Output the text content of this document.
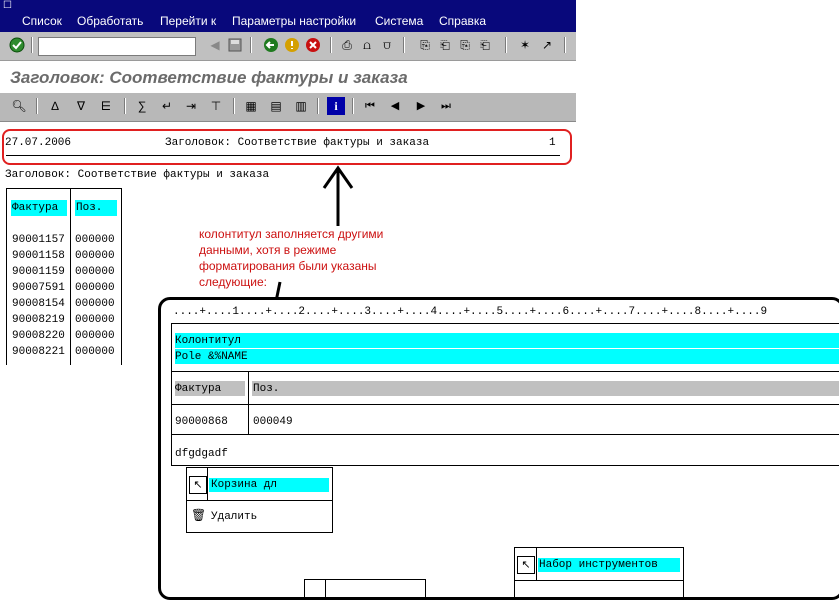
☐
Список Обработать Перейти к Параметры настройки Система Справка
◀	⎙ ⩍	⩌	⎘ ⎗ ⎘ ⎗	✶ ↗
Заголовок: Соответствие фактуры и заказа
🔍︎	∆	∇	⋿	∑	↵	⇥	⊤	▦ ▤ ▥	i	⏮︎	◀	▶	⏭︎
27.07.2006	Заголовок: Соответствие фактуры и заказа	1
Заголовок: Соответствие фактуры и заказа
Фактура Поз.
90001157 000000
90001158 000000
90001159 000000
90007591 000000
90008154 000000
90008219 000000
90008220 000000
90008221 000000
колонтитул заполняется другими
данными, хотя в режиме
форматирования были указаны
следующие:
....+....1....+....2....+....3....+....4....+....5....+....6....+....7....+....8....+....9
Колонтитул
Pole &%NAME
Фактура	Поз.
90000868 000049
dfgdgadf
↖ Корзина дл
🗑︎ Удалить
↖ Набор инструментов
